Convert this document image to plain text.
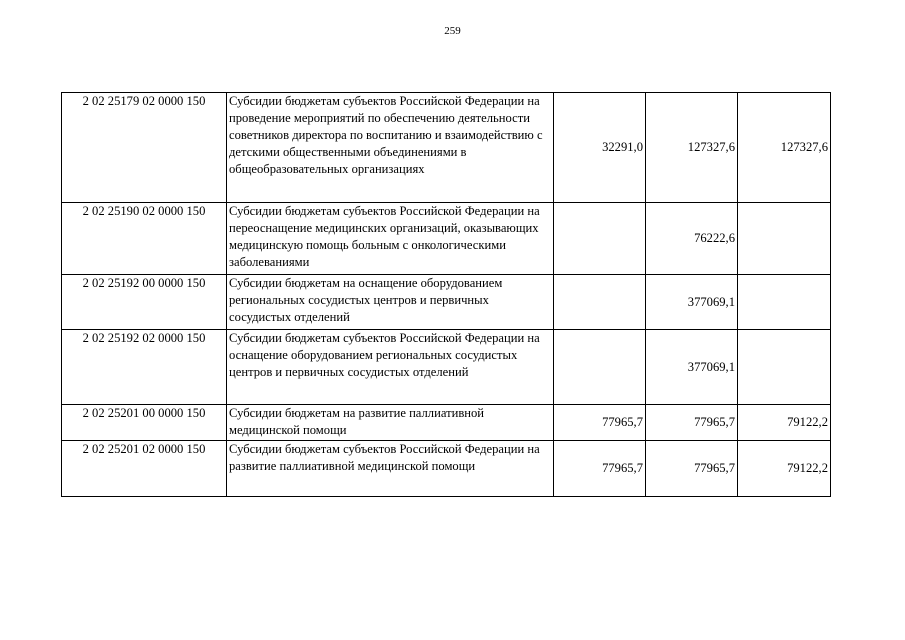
259
2 02 25179 02 0000 150	Субсидии бюджетам субъектов Российской Федерации на проведение мероприятий по обеспечению деятельности советников директора по воспитанию и взаимодействию с детскими общественными объединениями в общеобразовательных организациях	32291,0	127327,6	127327,6
2 02 25190 02 0000 150	Субсидии бюджетам субъектов Российской Федерации на переоснащение медицинских организаций, оказывающих медицинскую помощь больным с онкологическими заболеваниями		76222,6	
2 02 25192 00 0000 150	Субсидии бюджетам на оснащение оборудованием региональных сосудистых центров и первичных сосудистых отделений		377069,1	
2 02 25192 02 0000 150	Субсидии бюджетам субъектов Российской Федерации на оснащение оборудованием региональных сосудистых центров и первичных сосудистых отделений		377069,1	
2 02 25201 00 0000 150	Субсидии бюджетам на развитие паллиативной медицинской помощи	77965,7	77965,7	79122,2
2 02 25201 02 0000 150	Субсидии бюджетам субъектов Российской Федерации на развитие паллиативной медицинской помощи	77965,7	77965,7	79122,2
